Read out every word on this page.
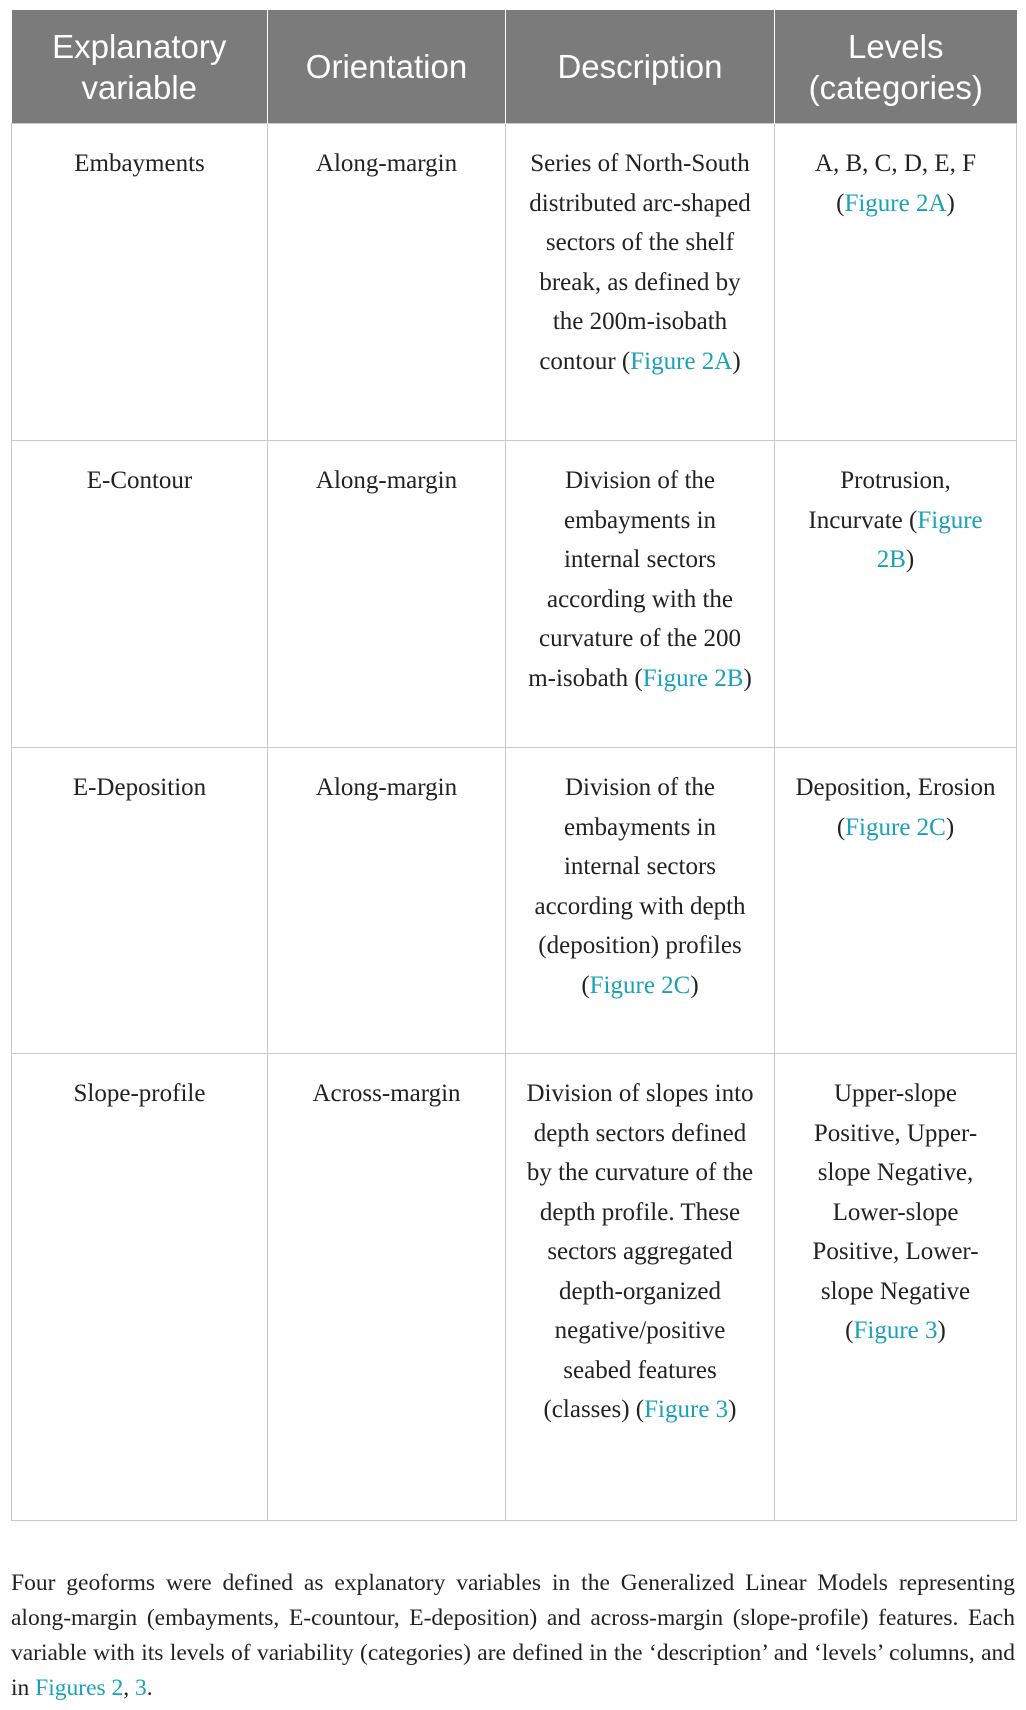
Explanatory variable	Orientation	Description	Levels (categories)
Embayments	Along-margin	Series of North-South distributed arc-shaped sectors of the shelf break, as defined by the 200m-isobath contour (Figure 2A)	A, B, C, D, E, F (Figure 2A)
E-Contour	Along-margin	Division of the embayments in internal sectors according with the curvature of the 200 m-isobath (Figure 2B)	Protrusion, Incurvate (Figure 2B)
E-Deposition	Along-margin	Division of the embayments in internal sectors according with depth (deposition) profiles (Figure 2C)	Deposition, Erosion (Figure 2C)
Slope-profile	Across-margin	Division of slopes into depth sectors defined by the curvature of the depth profile. These sectors aggregated depth-organized negative/positive seabed features (classes) (Figure 3)	Upper-slope Positive, Upper-slope Negative, Lower-slope Positive, Lower-slope Negative (Figure 3)

Four geoforms were defined as explanatory variables in the Generalized Linear Models representing along-margin (embayments, E-countour, E-deposition) and across-margin (slope-profile) features. Each variable with its levels of variability (categories) are defined in the ‘description’ and ‘levels’ columns, and in Figures 2, 3.
